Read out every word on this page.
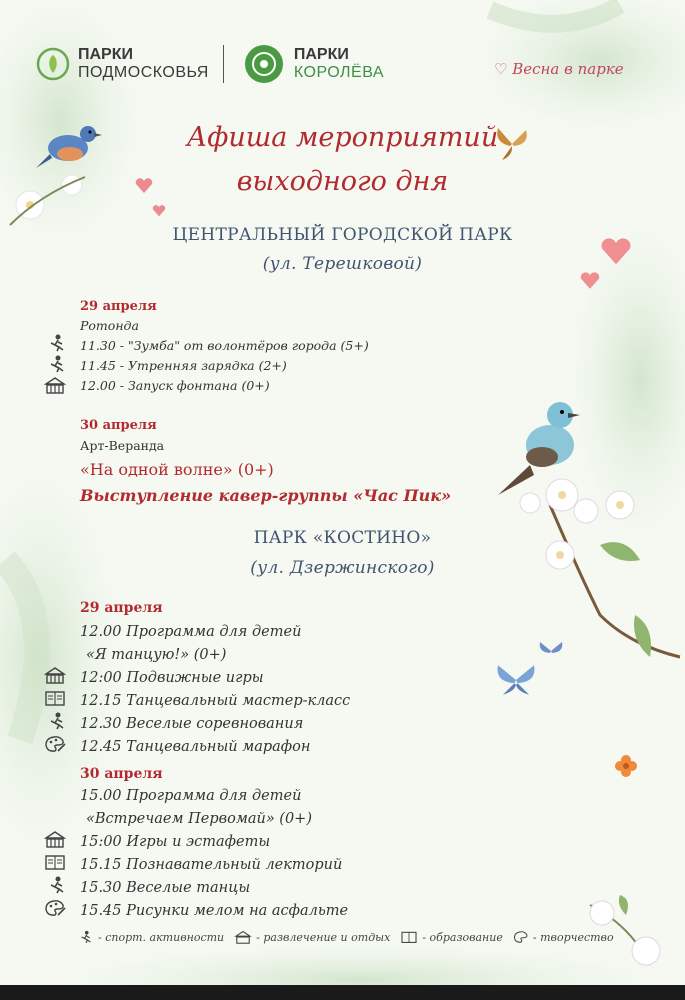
ПАРКИ
ПОДМОСКОВЬЯ
ПАРКИ
КОРОЛЁВА	♡ Весна в парке
Афиша мероприятий
выходного дня
ЦЕНТРАЛЬНЫЙ ГОРОДСКОЙ ПАРК
(ул. Терешковой)
29 апреля
Ротонда
11.30 - "Зумба" от волонтёров города (5+)
11.45 - Утренняя зарядка (2+)
12.00 - Запуск фонтана (0+)
30 апреля
Арт-Веранда
«На одной волне» (0+)
Выступление кавер-группы «Час Пик»
ПАРК «КОСТИНО»
(ул. Дзержинского)
29 апреля
12.00 Программа для детей
«Я танцую!» (0+)
12:00 Подвижные игры
12.15 Танцевальный мастер-класс
12.30 Веселые соревнования
12.45 Танцевальный марафон
30 апреля
15.00 Программа для детей
«Встречаем Первомай» (0+)
15:00 Игры и эстафеты
15.15 Познавательный лекторий
15.30 Веселые танцы
15.45 Рисунки мелом на асфальте
- спорт. активности	- развлечение и отдых	- образование	- творчество
